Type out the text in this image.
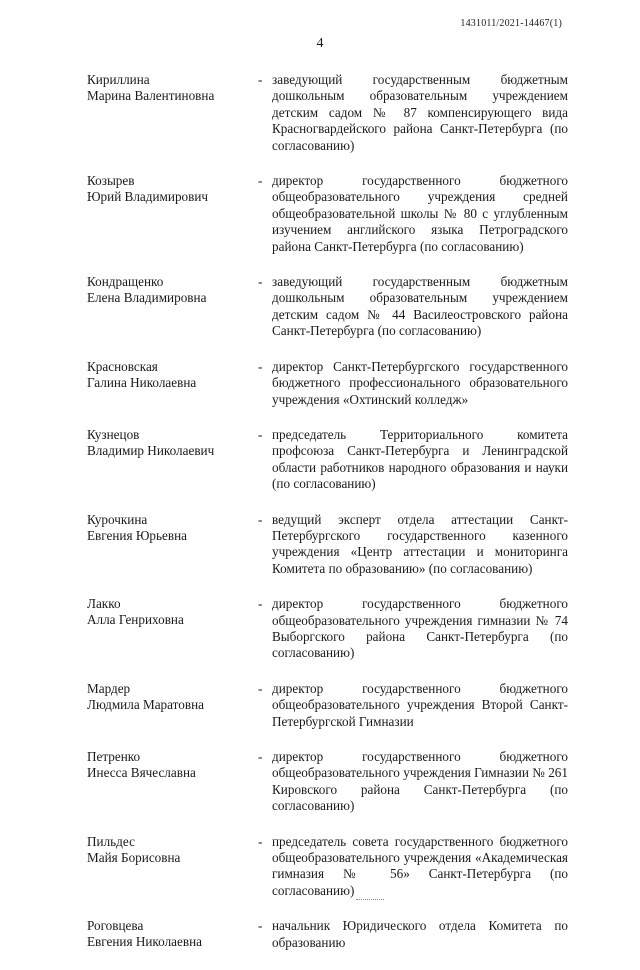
1431011/2021-14467(1)
4
Кириллина
Марина Валентиновна
- заведующий государственным бюджетным дошкольным образовательным учреждением детским садом № 87 компенсирующего вида Красногвардейского района Санкт-Петербурга (по согласованию)
Козырев
Юрий Владимирович
- директор государственного бюджетного общеобразовательного учреждения средней общеобразовательной школы № 80 с углубленным изучением английского языка Петроградского района Санкт-Петербурга (по согласованию)
Кондращенко
Елена Владимировна
- заведующий государственным бюджетным дошкольным образовательным учреждением детским садом № 44 Василеостровского района Санкт-Петербурга (по согласованию)
Красновская
Галина Николаевна
- директор Санкт-Петербургского государственного бюджетного профессионального образовательного учреждения «Охтинский колледж»
Кузнецов
Владимир Николаевич
- председатель Территориального комитета профсоюза Санкт-Петербурга и Ленинградской области работников народного образования и науки (по согласованию)
Курочкина
Евгения Юрьевна
- ведущий эксперт отдела аттестации Санкт-Петербургского государственного казенного учреждения «Центр аттестации и мониторинга Комитета по образованию» (по согласованию)
Лакко
Алла Генриховна
- директор государственного бюджетного общеобразовательного учреждения гимназии № 74 Выборгского района Санкт-Петербурга (по согласованию)
Мардер
Людмила Маратовна
- директор государственного бюджетного общеобразовательного учреждения Второй Санкт-Петербургской Гимназии
Петренко
Инесса Вячеславна
- директор государственного бюджетного общеобразовательного учреждения Гимназии № 261 Кировского района Санкт-Петербурга (по согласованию)
Пильдес
Майя Борисовна
- председатель совета государственного бюджетного общеобразовательного учреждения «Академическая гимназия № 56» Санкт-Петербурга (по согласованию)
Роговцева
Евгения Николаевна
- начальник Юридического отдела Комитета по образованию
